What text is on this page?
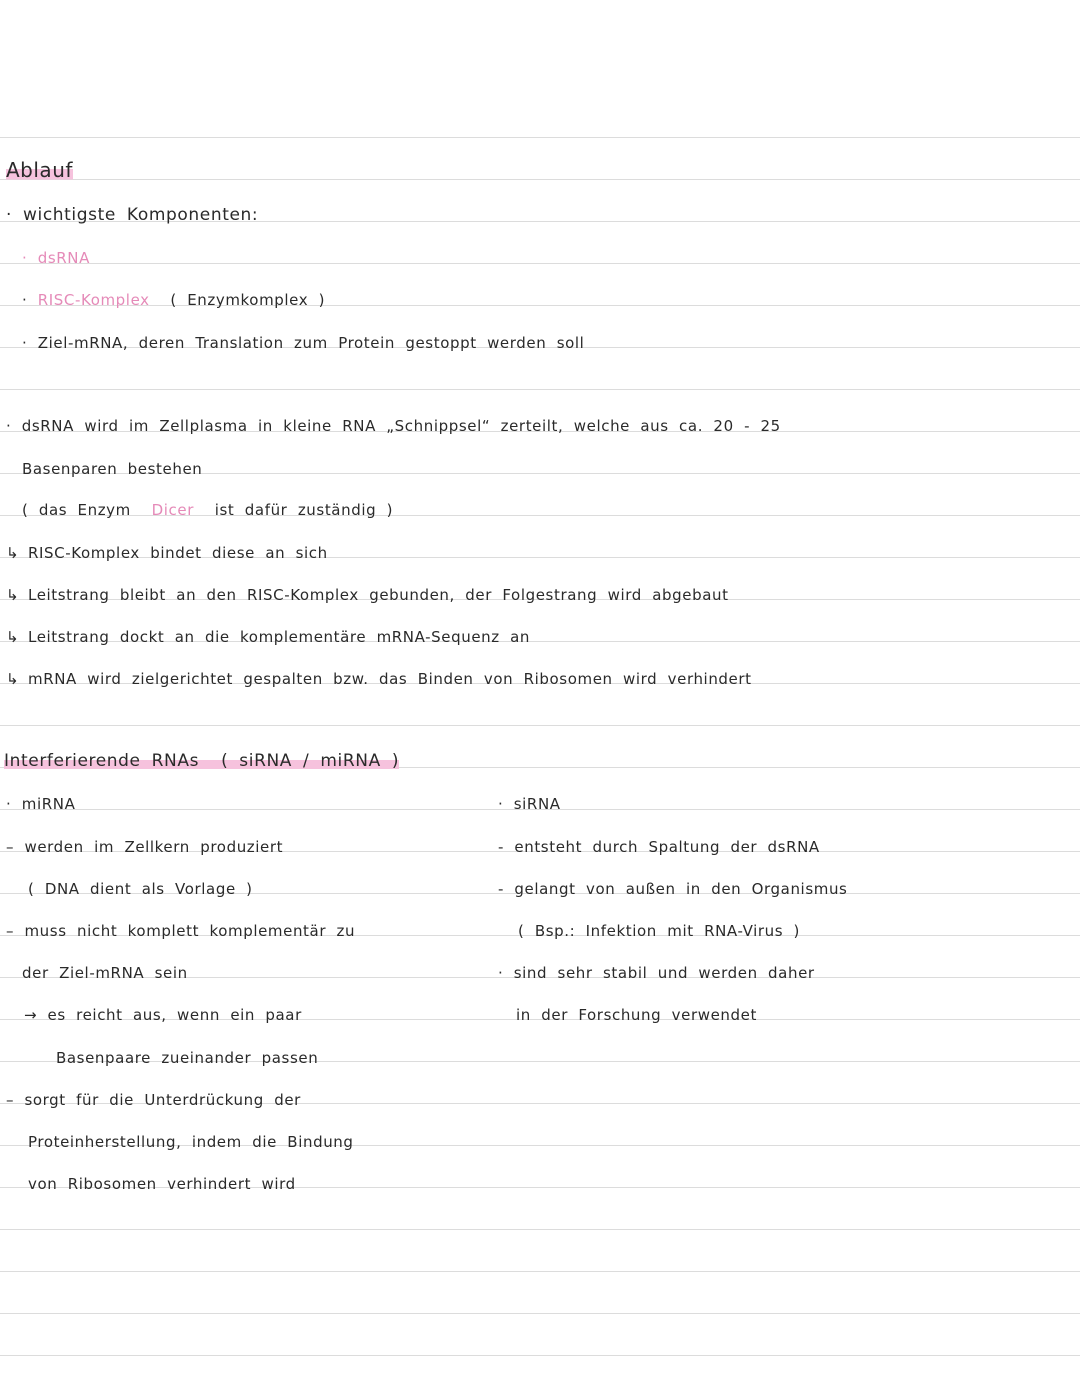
Ablauf
· wichtigste Komponenten:
· dsRNA
· RISC-Komplex ( Enzymkomplex )
· Ziel-mRNA, deren Translation zum Protein gestoppt werden soll
· dsRNA wird im Zellplasma in kleine RNA „Schnippsel“ zerteilt, welche aus ca. 20 - 25
Basenparen bestehen
( das Enzym Dicer ist dafür zuständig )
↳ RISC-Komplex bindet diese an sich
↳ Leitstrang bleibt an den RISC-Komplex gebunden, der Folgestrang wird abgebaut
↳ Leitstrang dockt an die komplementäre mRNA-Sequenz an
↳ mRNA wird zielgerichtet gespalten bzw. das Binden von Ribosomen wird verhindert
Interferierende RNAs ( siRNA / miRNA )
· miRNA
– werden im Zellkern produziert
( DNA dient als Vorlage )
– muss nicht komplett komplementär zu
der Ziel-mRNA sein
→ es reicht aus, wenn ein paar
Basenpaare zueinander passen
– sorgt für die Unterdrückung der
Proteinherstellung, indem die Bindung
von Ribosomen verhindert wird
· siRNA
- entsteht durch Spaltung der dsRNA
- gelangt von außen in den Organismus
( Bsp.: Infektion mit RNA-Virus )
· sind sehr stabil und werden daher
in der Forschung verwendet
